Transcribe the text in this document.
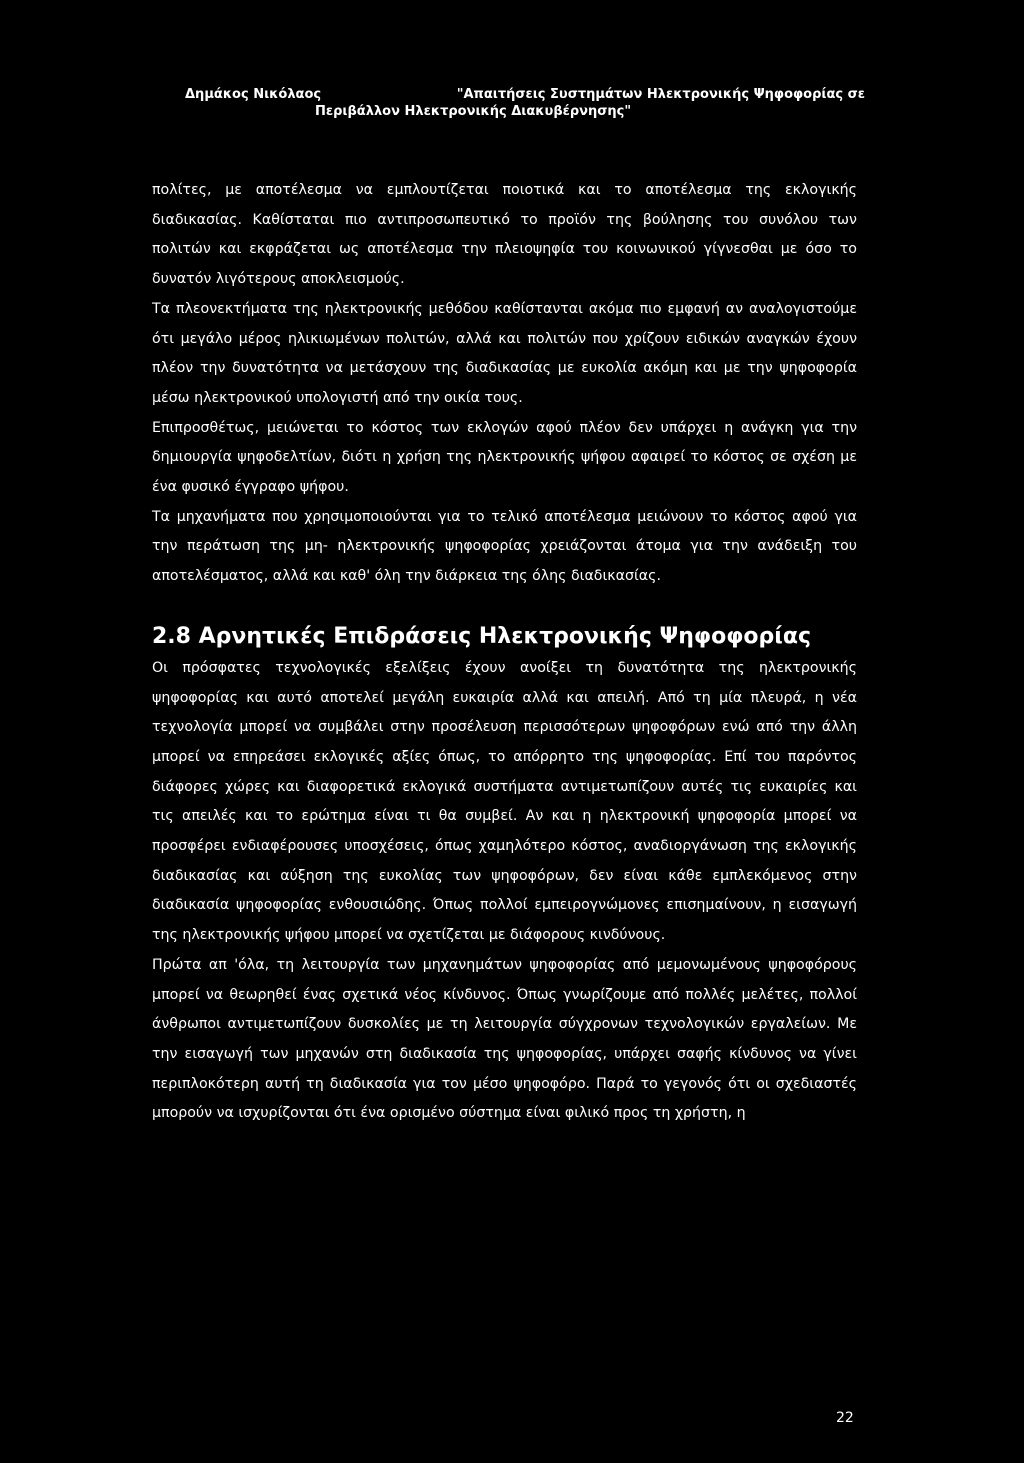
Δημάκος Νικόλαος	"Απαιτήσεις Συστημάτων Ηλεκτρονικής Ψηφοφορίας σε
Περιβάλλον Ηλεκτρονικής Διακυβέρνησης"

πολίτες, με αποτέλεσμα να εμπλουτίζεται ποιοτικά και το αποτέλεσμα της εκλογικής διαδικασίας. Καθίσταται πιο αντιπροσωπευτικό το προϊόν της βούλησης του συνόλου των πολιτών και εκφράζεται ως αποτέλεσμα την πλειοψηφία του κοινωνικού γίγνεσθαι με όσο το δυνατόν λιγότερους αποκλεισμούς.

Τα πλεονεκτήματα της ηλεκτρονικής μεθόδου καθίστανται ακόμα πιο εμφανή αν αναλογιστούμε ότι μεγάλο μέρος ηλικιωμένων πολιτών, αλλά και πολιτών που χρίζουν ειδικών αναγκών έχουν πλέον την δυνατότητα να μετάσχουν της διαδικασίας με ευκολία ακόμη και με την ψηφοφορία μέσω ηλεκτρονικού υπολογιστή από την οικία τους.

Επιπροσθέτως, μειώνεται το κόστος των εκλογών αφού πλέον δεν υπάρχει η ανάγκη για την δημιουργία ψηφοδελτίων, διότι η χρήση της ηλεκτρονικής ψήφου αφαιρεί το κόστος σε σχέση με ένα φυσικό έγγραφο ψήφου.

Τα μηχανήματα που χρησιμοποιούνται για το τελικό αποτέλεσμα μειώνουν το κόστος αφού για την περάτωση της μη- ηλεκτρονικής ψηφοφορίας χρειάζονται άτομα για την ανάδειξη του αποτελέσματος, αλλά και καθ' όλη την διάρκεια της όλης διαδικασίας.

2.8 Αρνητικές Επιδράσεις Ηλεκτρονικής Ψηφοφορίας

Οι πρόσφατες τεχνολογικές εξελίξεις έχουν ανοίξει τη δυνατότητα της ηλεκτρονικής ψηφοφορίας και αυτό αποτελεί μεγάλη ευκαιρία αλλά και απειλή. Από τη μία πλευρά, η νέα τεχνολογία μπορεί να συμβάλει στην προσέλευση περισσότερων ψηφοφόρων ενώ από την άλλη μπορεί να επηρεάσει εκλογικές αξίες όπως, το απόρρητο της ψηφοφορίας. Επί του παρόντος διάφορες χώρες και διαφορετικά εκλογικά συστήματα αντιμετωπίζουν αυτές τις ευκαιρίες και τις απειλές και το ερώτημα είναι τι θα συμβεί. Αν και η ηλεκτρονική ψηφοφορία μπορεί να προσφέρει ενδιαφέρουσες υποσχέσεις, όπως χαμηλότερο κόστος, αναδιοργάνωση της εκλογικής διαδικασίας και αύξηση της ευκολίας των ψηφοφόρων, δεν είναι κάθε εμπλεκόμενος στην διαδικασία ψηφοφορίας ενθουσιώδης. Όπως πολλοί εμπειρογνώμονες επισημαίνουν, η εισαγωγή της ηλεκτρονικής ψήφου μπορεί να σχετίζεται με διάφορους κινδύνους.

Πρώτα απ 'όλα, τη λειτουργία των μηχανημάτων ψηφοφορίας από μεμονωμένους ψηφοφόρους μπορεί να θεωρηθεί ένας σχετικά νέος κίνδυνος. Όπως γνωρίζουμε από πολλές μελέτες, πολλοί άνθρωποι αντιμετωπίζουν δυσκολίες με τη λειτουργία σύγχρονων τεχνολογικών εργαλείων. Με την εισαγωγή των μηχανών στη διαδικασία της ψηφοφορίας, υπάρχει σαφής κίνδυνος να γίνει περιπλοκότερη αυτή τη διαδικασία για τον μέσο ψηφοφόρο. Παρά το γεγονός ότι οι σχεδιαστές μπορούν να ισχυρίζονται ότι ένα ορισμένο σύστημα είναι φιλικό προς τη χρήστη, η

22
